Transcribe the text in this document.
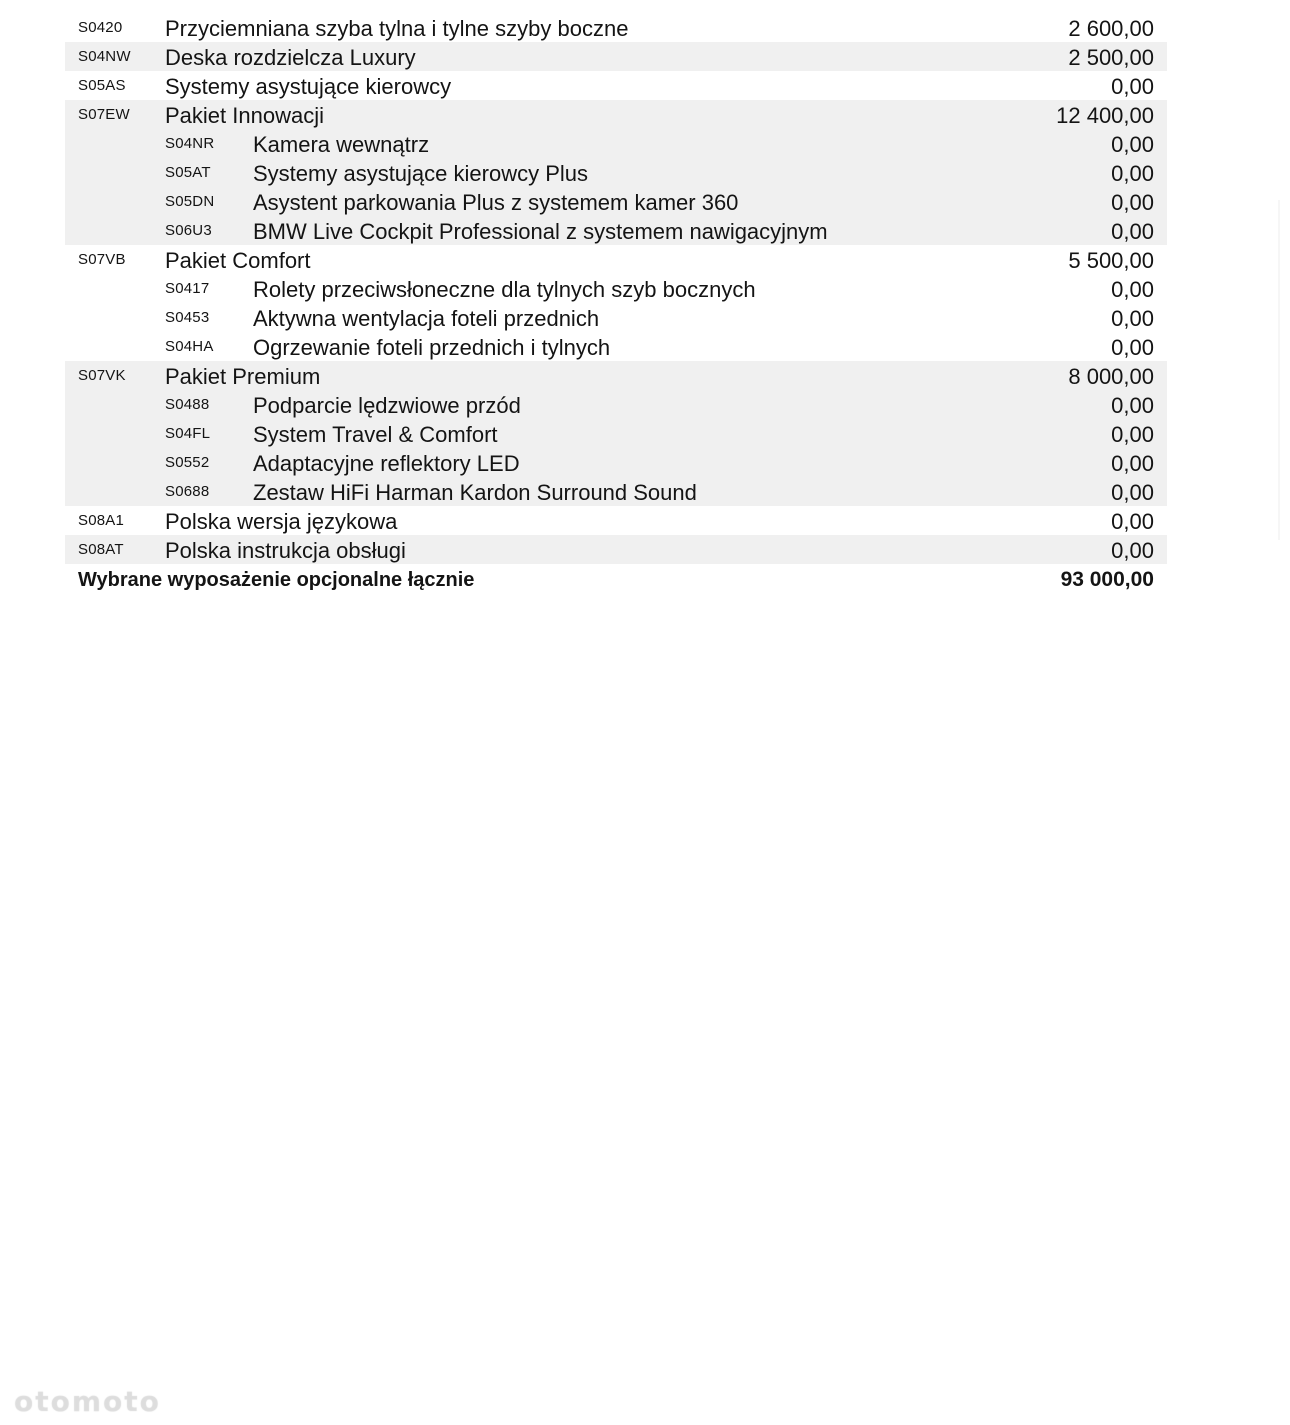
S0420 Przyciemniana szyba tylna i tylne szyby boczne	2 600,00
S04NW Deska rozdzielcza Luxury	2 500,00
S05AS Systemy asystujące kierowcy	0,00
S07EW Pakiet Innowacji	12 400,00
S04NR Kamera wewnątrz	0,00
S05AT Systemy asystujące kierowcy Plus	0,00
S05DN Asystent parkowania Plus z systemem kamer 360	0,00
S06U3 BMW Live Cockpit Professional z systemem nawigacyjnym	0,00
S07VB Pakiet Comfort	5 500,00
S0417 Rolety przeciwsłoneczne dla tylnych szyb bocznych	0,00
S0453 Aktywna wentylacja foteli przednich	0,00
S04HA Ogrzewanie foteli przednich i tylnych	0,00
S07VK Pakiet Premium	8 000,00
S0488 Podparcie lędzwiowe przód	0,00
S04FL System Travel & Comfort	0,00
S0552 Adaptacyjne reflektory LED	0,00
S0688 Zestaw HiFi Harman Kardon Surround Sound	0,00
S08A1 Polska wersja językowa	0,00
S08AT Polska instrukcja obsługi	0,00
Wybrane wyposażenie opcjonalne łącznie	93 000,00
otomoto
